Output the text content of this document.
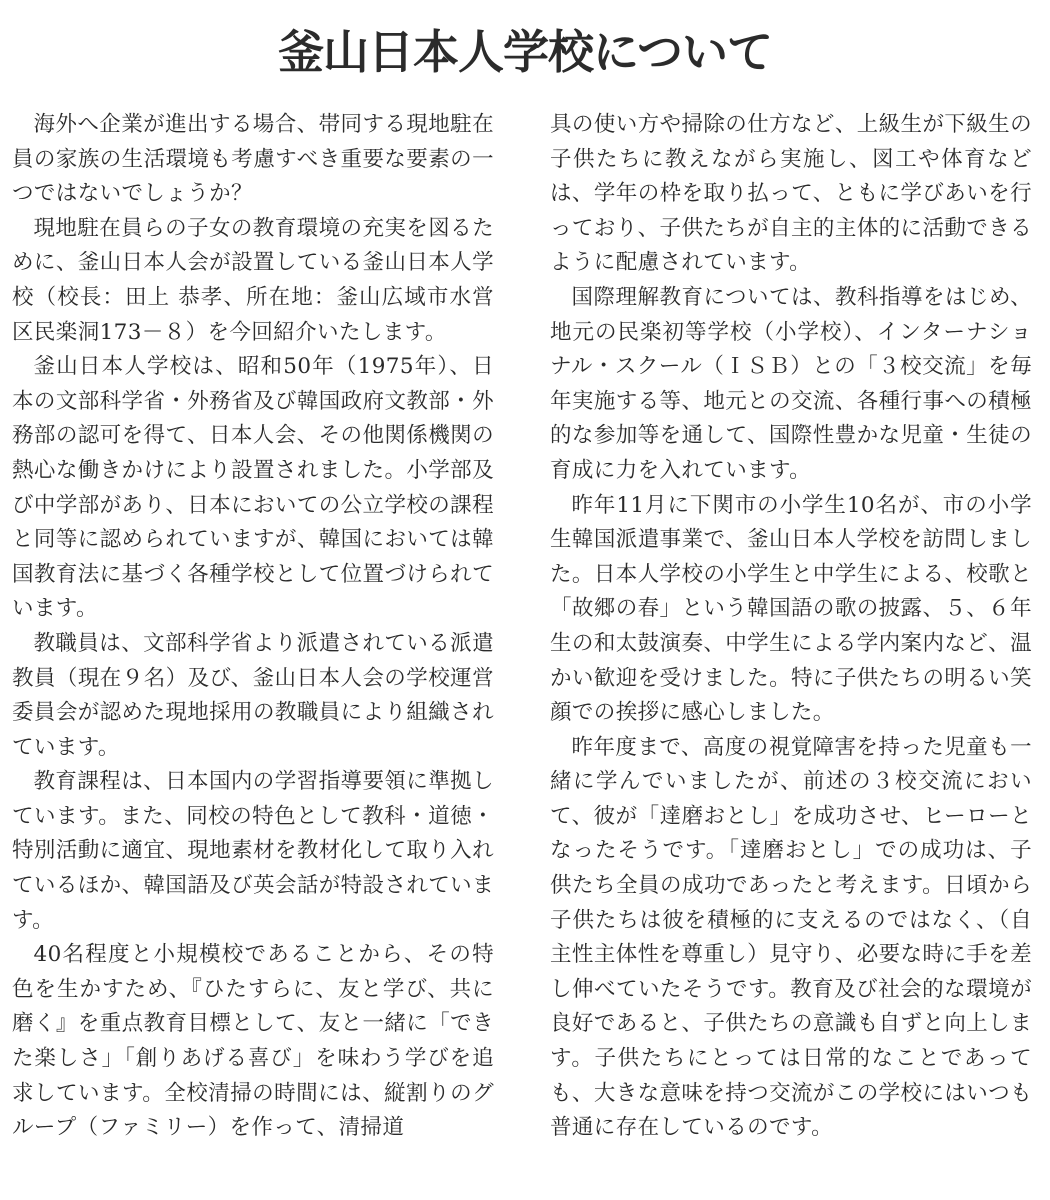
釜山日本人学校について

海外へ企業が進出する場合、帯同する現地駐在員の家族の生活環境も考慮すべき重要な要素の一つではないでしょうか？

現地駐在員らの子女の教育環境の充実を図るために、釜山日本人会が設置している釜山日本人学校（校長：田上 恭孝、所在地：釜山広域市水営区民楽洞173－８）を今回紹介いたします。

釜山日本人学校は、昭和50年（1975年）、日本の文部科学省・外務省及び韓国政府文教部・外務部の認可を得て、日本人会、その他関係機関の熱心な働きかけにより設置されました。小学部及び中学部があり、日本においての公立学校の課程と同等に認められていますが、韓国においては韓国教育法に基づく各種学校として位置づけられています。

教職員は、文部科学省より派遣されている派遣教員（現在９名）及び、釜山日本人会の学校運営委員会が認めた現地採用の教職員により組織されています。

教育課程は、日本国内の学習指導要領に準拠しています。また、同校の特色として教科・道徳・特別活動に適宜、現地素材を教材化して取り入れているほか、韓国語及び英会話が特設されています。

40名程度と小規模校であることから、その特色を生かすため、『ひたすらに、友と学び、共に磨く』を重点教育目標として、友と一緒に「できた楽しさ」「創りあげる喜び」を味わう学びを追求しています。全校清掃の時間には、縦割りのグループ（ファミリー）を作って、清掃道

具の使い方や掃除の仕方など、上級生が下級生の子供たちに教えながら実施し、図工や体育などは、学年の枠を取り払って、ともに学びあいを行っており、子供たちが自主的主体的に活動できるように配慮されています。

国際理解教育については、教科指導をはじめ、地元の民楽初等学校（小学校）、インターナショナル・スクール（ＩＳＢ）との「３校交流」を毎年実施する等、地元との交流、各種行事への積極的な参加等を通して、国際性豊かな児童・生徒の育成に力を入れています。

昨年11月に下関市の小学生10名が、市の小学生韓国派遣事業で、釜山日本人学校を訪問しました。日本人学校の小学生と中学生による、校歌と「故郷の春」という韓国語の歌の披露、５、６年生の和太鼓演奏、中学生による学内案内など、温かい歓迎を受けました。特に子供たちの明るい笑顔での挨拶に感心しました。

昨年度まで、高度の視覚障害を持った児童も一緒に学んでいましたが、前述の３校交流において、彼が「達磨おとし」を成功させ、ヒーローとなったそうです。「達磨おとし」での成功は、子供たち全員の成功であったと考えます。日頃から子供たちは彼を積極的に支えるのではなく、（自主性主体性を尊重し）見守り、必要な時に手を差し伸べていたそうです。教育及び社会的な環境が良好であると、子供たちの意識も自ずと向上します。子供たちにとっては日常的なことであっても、大きな意味を持つ交流がこの学校にはいつも普通に存在しているのです。
